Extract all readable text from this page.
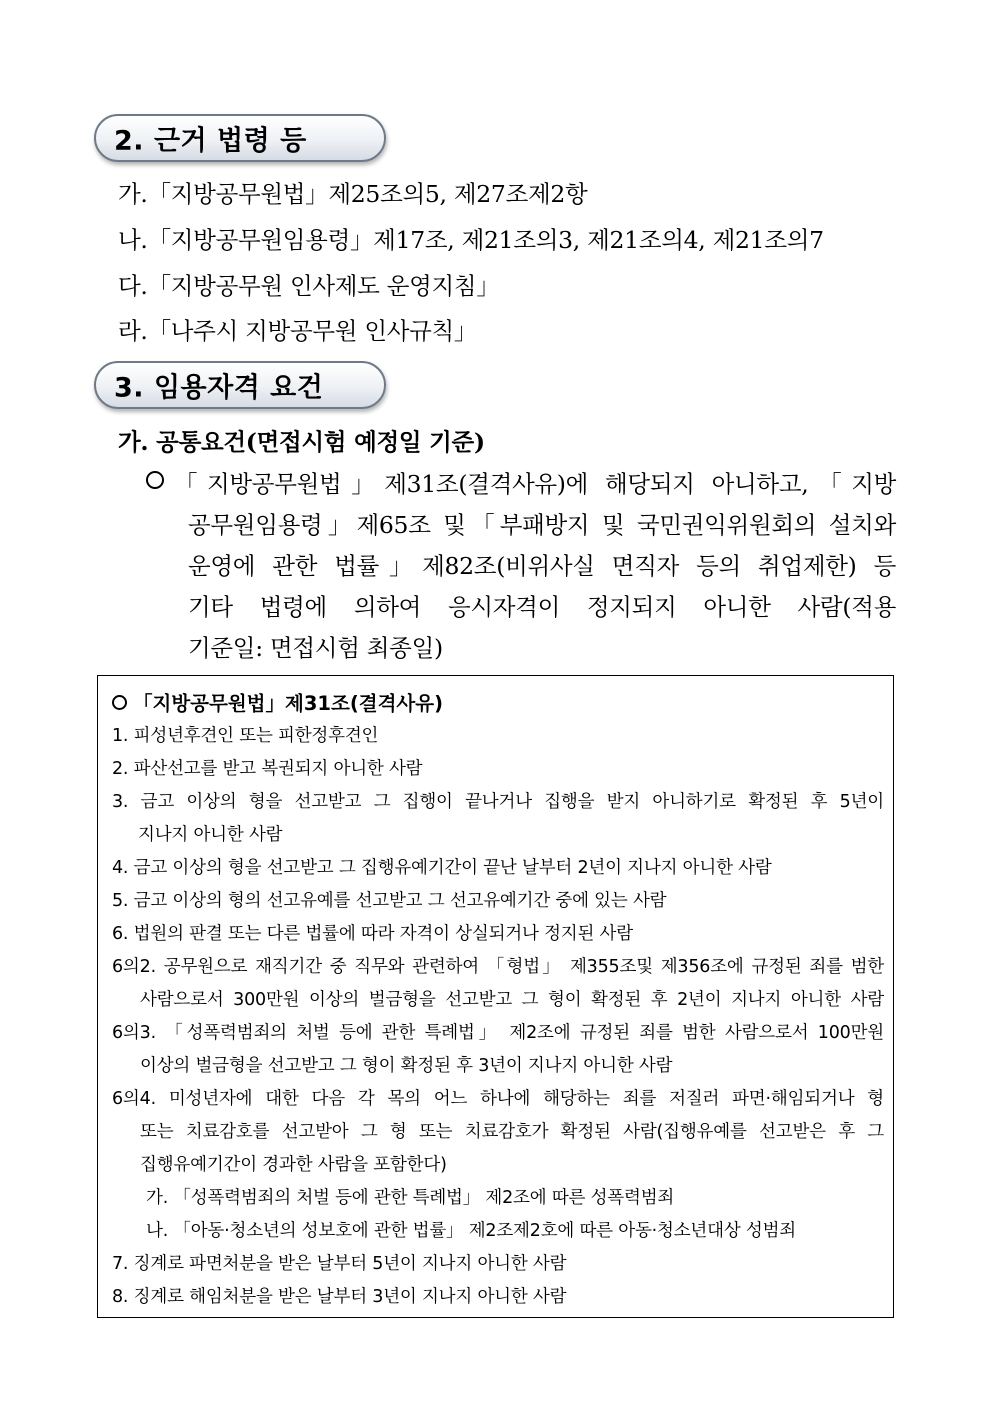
2. 근거 법령 등
가.「지방공무원법」제25조의5, 제27조제2항
나.「지방공무원임용령」제17조, 제21조의3, 제21조의4, 제21조의7
다.「지방공무원 인사제도 운영지침」
라.「나주시 지방공무원 인사규칙」
3. 임용자격 요건
가. 공통요건(면접시험 예정일 기준)
「지방공무원법」제31조(결격사유)에 해당되지 아니하고,「지방
공무원임용령」제65조 및「부패방지 및 국민권익위원회의 설치와
운영에 관한 법률」제82조(비위사실 면직자 등의 취업제한) 등
기타 법령에 의하여 응시자격이 정지되지 아니한 사람(적용
기준일: 면접시험 최종일)
「지방공무원법」제31조(결격사유)
1. 피성년후견인 또는 피한정후견인
2. 파산선고를 받고 복권되지 아니한 사람
3. 금고 이상의 형을 선고받고 그 집행이 끝나거나 집행을 받지 아니하기로 확정된 후 5년이
지나지 아니한 사람
4. 금고 이상의 형을 선고받고 그 집행유예기간이 끝난 날부터 2년이 지나지 아니한 사람
5. 금고 이상의 형의 선고유예를 선고받고 그 선고유예기간 중에 있는 사람
6. 법원의 판결 또는 다른 법률에 따라 자격이 상실되거나 정지된 사람
6의2. 공무원으로 재직기간 중 직무와 관련하여 「형법」 제355조및 제356조에 규정된 죄를 범한
사람으로서 300만원 이상의 벌금형을 선고받고 그 형이 확정된 후 2년이 지나지 아니한 사람
6의3. 「성폭력범죄의 처벌 등에 관한 특례법」 제2조에 규정된 죄를 범한 사람으로서 100만원
이상의 벌금형을 선고받고 그 형이 확정된 후 3년이 지나지 아니한 사람
6의4. 미성년자에 대한 다음 각 목의 어느 하나에 해당하는 죄를 저질러 파면·해임되거나 형
또는 치료감호를 선고받아 그 형 또는 치료감호가 확정된 사람(집행유예를 선고받은 후 그
집행유예기간이 경과한 사람을 포함한다)
가. 「성폭력범죄의 처벌 등에 관한 특례법」 제2조에 따른 성폭력범죄
나. 「아동·청소년의 성보호에 관한 법률」 제2조제2호에 따른 아동·청소년대상 성범죄
7. 징계로 파면처분을 받은 날부터 5년이 지나지 아니한 사람
8. 징계로 해임처분을 받은 날부터 3년이 지나지 아니한 사람
